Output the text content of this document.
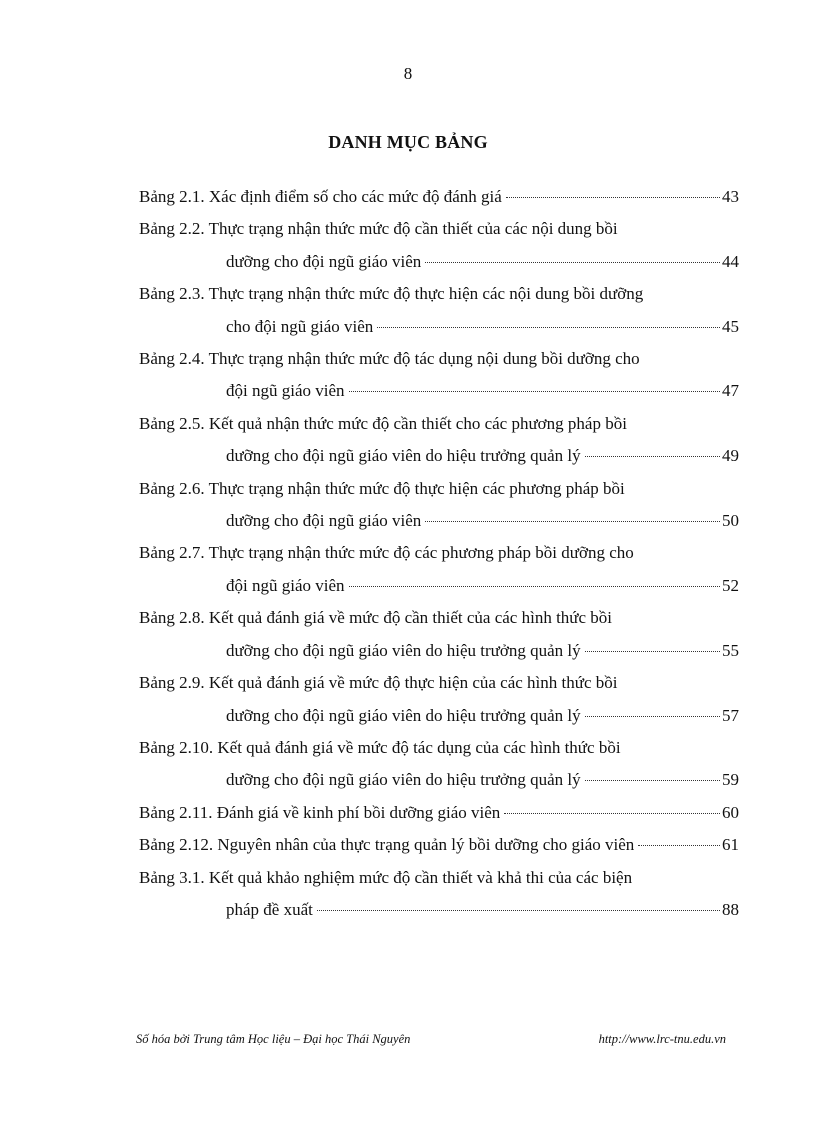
8
DANH MỤC BẢNG
Bảng 2.1. Xác định điểm số cho các mức độ đánh giá	43
Bảng 2.2. Thực trạng nhận thức mức độ cần thiết của các nội dung bồi
dưỡng cho đội ngũ giáo viên	44
Bảng 2.3. Thực trạng nhận thức mức độ thực hiện các nội dung bồi dưỡng
cho đội ngũ giáo viên	45
Bảng 2.4. Thực trạng nhận thức mức độ tác dụng nội dung bồi dưỡng cho
đội ngũ giáo viên	47
Bảng 2.5. Kết quả nhận thức mức độ cần thiết cho các phương pháp bồi
dưỡng cho đội ngũ giáo viên do hiệu trưởng quản lý	49
Bảng 2.6. Thực trạng nhận thức mức độ thực hiện các phương pháp bồi
dưỡng cho đội ngũ giáo viên	50
Bảng 2.7. Thực trạng nhận thức mức độ các phương pháp bồi dưỡng cho
đội ngũ giáo viên	52
Bảng 2.8. Kết quả đánh giá về mức độ cần thiết của các hình thức bồi
dưỡng cho đội ngũ giáo viên do hiệu trưởng quản lý	55
Bảng 2.9. Kết quả đánh giá về mức độ thực hiện của các hình thức bồi
dưỡng cho đội ngũ giáo viên do hiệu trưởng quản lý	57
Bảng 2.10. Kết quả đánh giá về mức độ tác dụng của các hình thức bồi
dưỡng cho đội ngũ giáo viên do hiệu trưởng quản lý	59
Bảng 2.11. Đánh giá về kinh phí bồi dưỡng giáo viên	60
Bảng 2.12. Nguyên nhân của thực trạng quản lý bồi dưỡng cho giáo viên	61
Bảng 3.1. Kết quả khảo nghiệm mức độ cần thiết và khả thi của các biện
pháp đề xuất	88
Số hóa bởi Trung tâm Học liệu – Đại học Thái Nguyên	http://www.lrc-tnu.edu.vn
